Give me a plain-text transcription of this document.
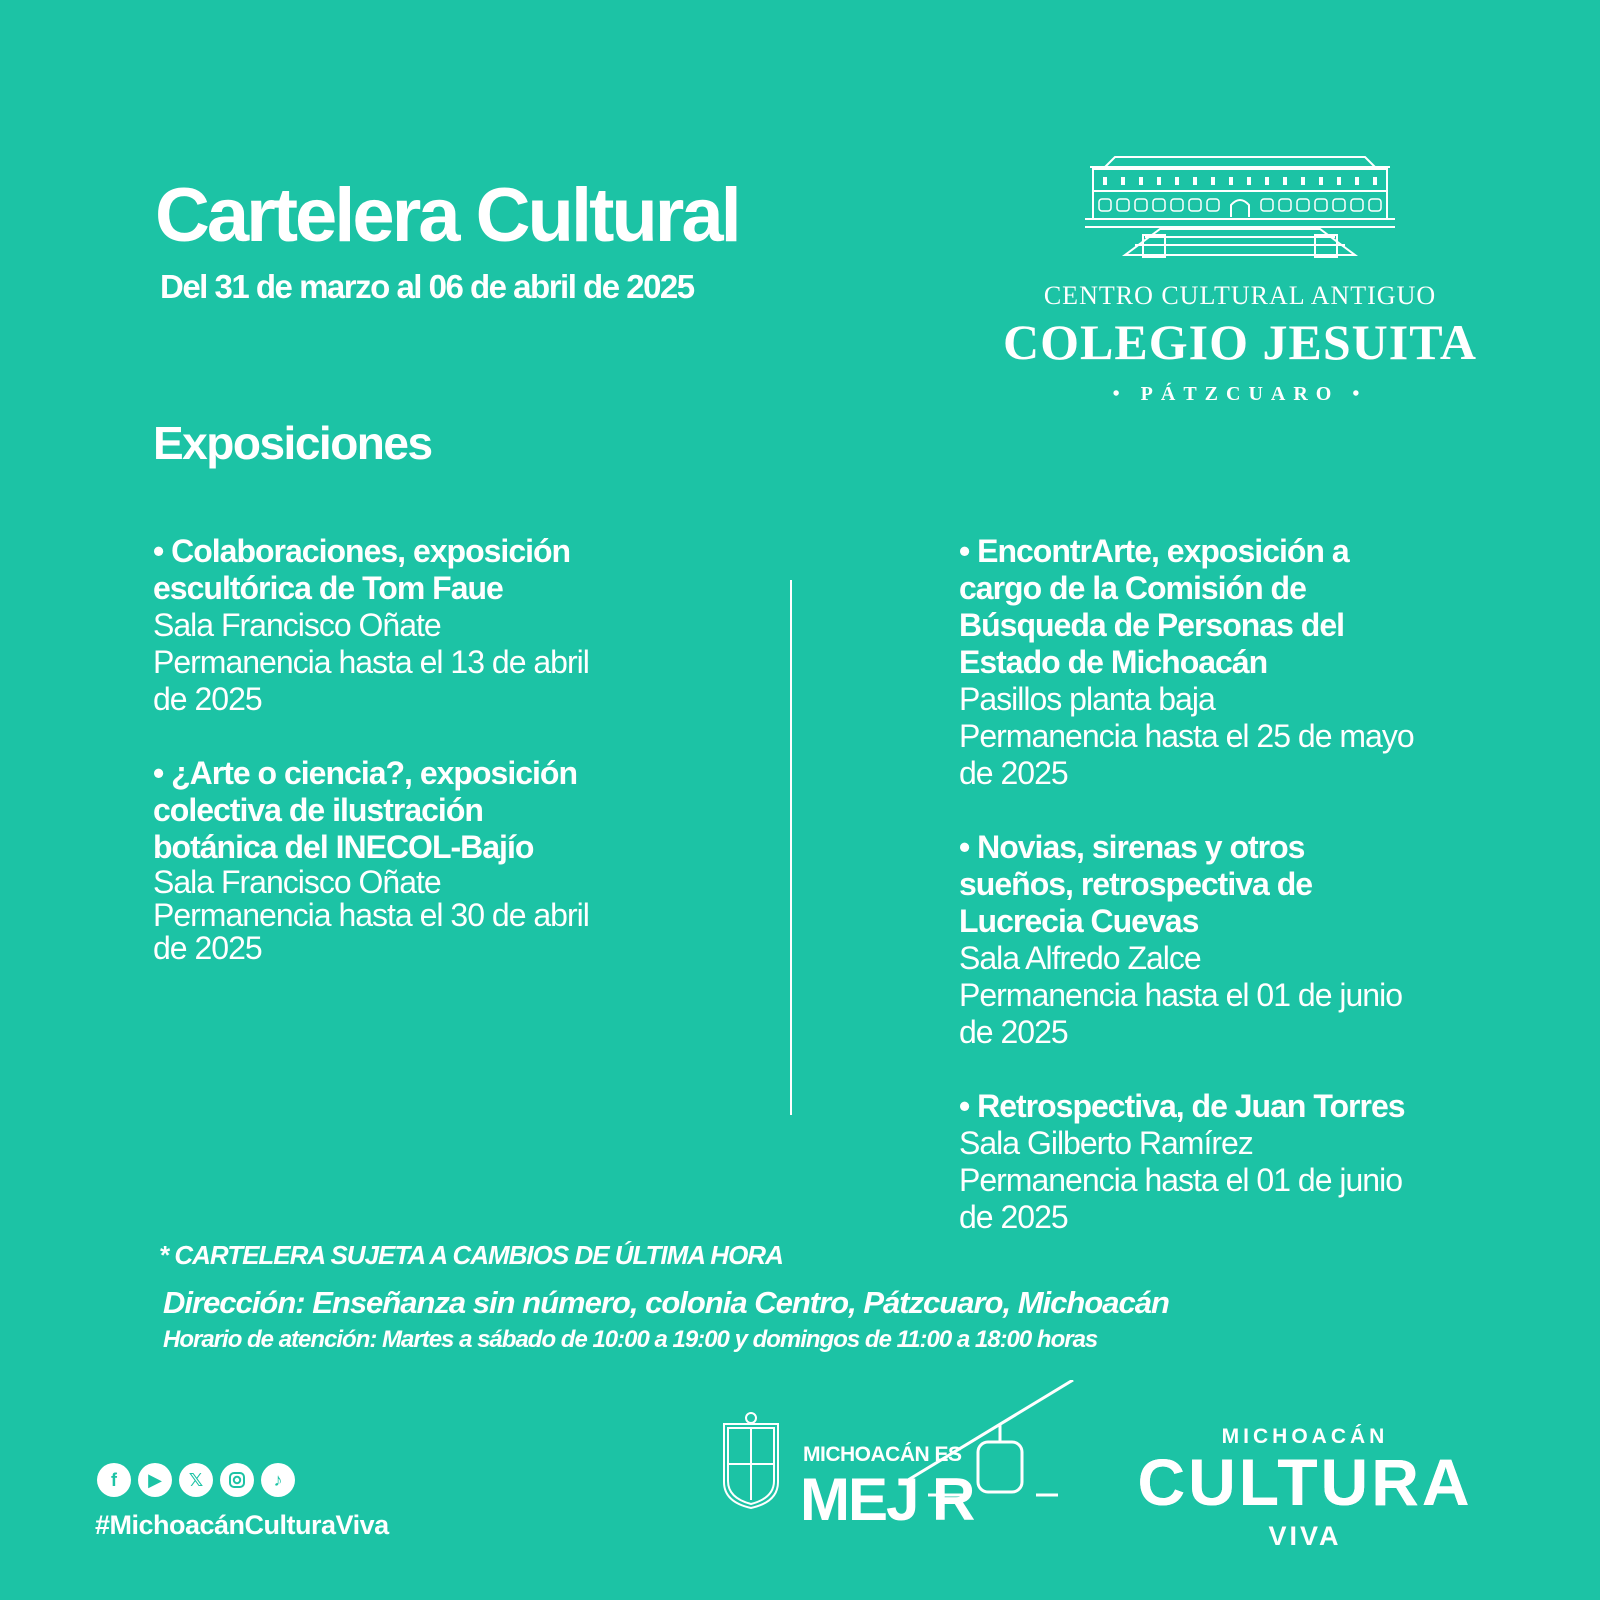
Cartelera Cultural
Del 31 de marzo al 06 de abril de 2025	CENTRO CULTURAL ANTIGUO
COLEGIO JESUITA
• PÁTZCUARO •
Exposiciones
• Colaboraciones, exposición
escultórica de Tom Faue
Sala Francisco Oñate
Permanencia hasta el 13 de abril
de 2025
• ¿Arte o ciencia?, exposición
colectiva de ilustración
botánica del INECOL-Bajío
Sala Francisco Oñate
Permanencia hasta el 30 de abril
de 2025
• EncontrArte, exposición a
cargo de la Comisión de
Búsqueda de Personas del
Estado de Michoacán
Pasillos planta baja
Permanencia hasta el 25 de mayo
de 2025
• Novias, sirenas y otros
sueños, retrospectiva de
Lucrecia Cuevas
Sala Alfredo Zalce
Permanencia hasta el 01 de junio
de 2025
• Retrospectiva, de Juan Torres
Sala Gilberto Ramírez
Permanencia hasta el 01 de junio
de 2025
* CARTELERA SUJETA A CAMBIOS DE ÚLTIMA HORA
Dirección: Enseñanza sin número, colonia Centro, Pátzcuaro, Michoacán
Horario de atención: Martes a sábado de 10:00 a 19:00 y domingos de 11:00 a 18:00 horas
f	▶	𝕏	♪
#MichoacánCulturaViva
MICHOACÁN ES
MEJ R
MICHOACÁN
CULTURA
VIVA
